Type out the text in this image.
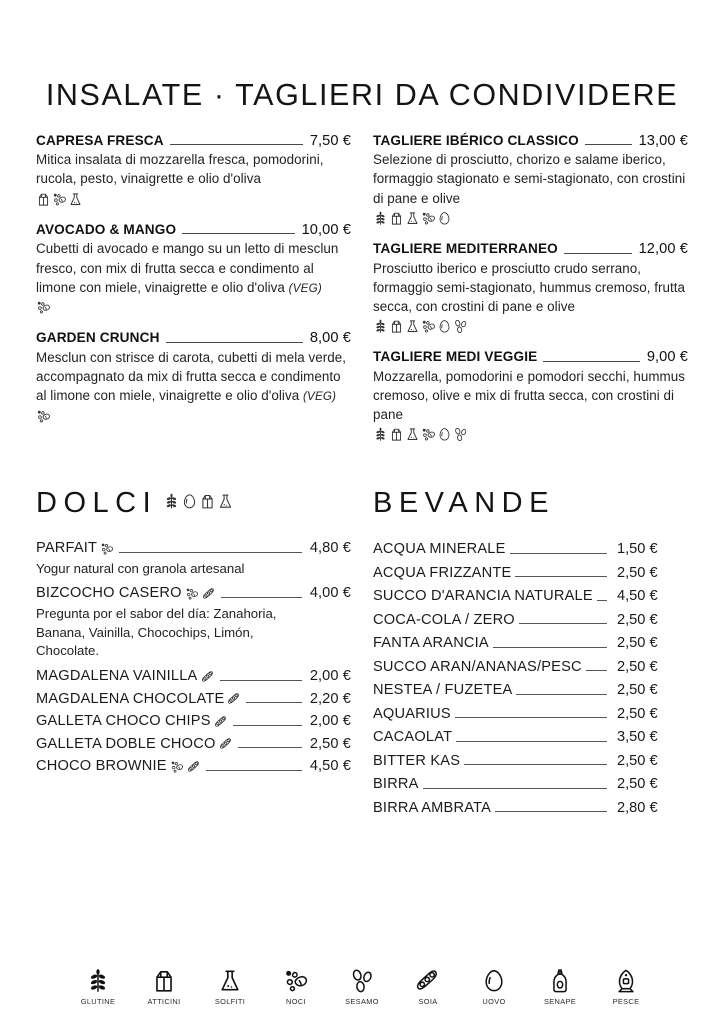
INSALATE · TAGLIERI DA CONDIVIDERE
CAPRESA FRESCA	7,50 €
Mitica insalata di mozzarella fresca, pomodorini, rucola, pesto, vinaigrette e olio d'oliva
AVOCADO & MANGO	10,00 €
Cubetti di avocado e mango su un letto di mesclun fresco, con mix di frutta secca e condimento al limone con miele, vinaigrette e olio d'oliva (VEG)
GARDEN CRUNCH	8,00 €
Mesclun con strisce di carota, cubetti di mela verde, accompagnato da mix di frutta secca e condimento al limone con miele, vinaigrette e olio d'oliva (VEG)
TAGLIERE IBÉRICO CLASSICO	13,00 €
Selezione di prosciutto, chorizo e salame iberico, formaggio stagionato e semi-stagionato, con crostini di pane e olive
TAGLIERE MEDITERRANEO	12,00 €
Prosciutto iberico e prosciutto crudo serrano, formaggio semi-stagionato, hummus cremoso, frutta secca, con crostini di pane e olive
TAGLIERE MEDI VEGGIE	9,00 €
Mozzarella, pomodorini e pomodori secchi, hummus cremoso, olive e mix di frutta secca, con crostini di pane
DOLCI
PARFAIT	4,80 €
Yogur natural con granola artesanal
BIZCOCHO CASERO	4,00 €
Pregunta por el sabor del día: Zanahoria, Banana, Vainilla, Chocochips, Limón, Chocolate.
MAGDALENA VAINILLA	2,00 €
MAGDALENA CHOCOLATE	2,20 €
GALLETA CHOCO CHIPS	2,00 €
GALLETA DOBLE CHOCO	2,50 €
CHOCO BROWNIE	4,50 €
BEVANDE
ACQUA MINERALE	1,50 €
ACQUA FRIZZANTE	2,50 €
SUCCO D'ARANCIA NATURALE 4,50 €
COCA-COLA / ZERO	2,50 €
FANTA ARANCIA	2,50 €
SUCCO ARAN/ANANAS/PESC 2,50 €
NESTEA / FUZETEA	2,50 €
AQUARIUS	2,50 €
CACAOLAT	3,50 €
BITTER KAS	2,50 €
BIRRA	2,50 €
BIRRA AMBRATA	2,80 €
GLUTINE	ATTICINI	SOLFITI	NOCI	SESAMO	SOIA	UOVO	SENAPE	PESCE
